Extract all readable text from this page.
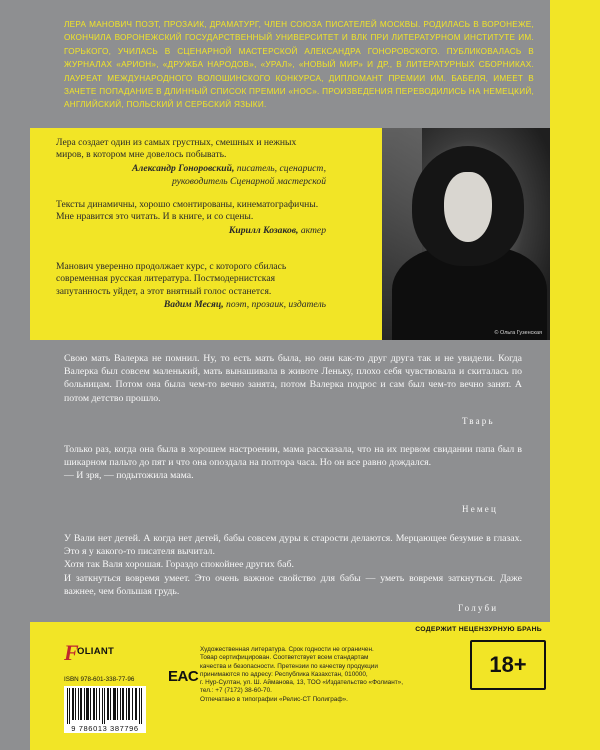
ЛЕРА МАНОВИЧ ПОЭТ, ПРОЗАИК, ДРАМАТУРГ, ЧЛЕН СОЮЗА ПИСАТЕЛЕЙ МОСКВЫ. РОДИЛАСЬ В ВОРОНЕЖЕ, ОКОНЧИЛА ВОРОНЕЖСКИЙ ГОСУДАРСТВЕННЫЙ УНИВЕРСИТЕТ И ВЛК ПРИ ЛИТЕРАТУРНОМ ИНСТИТУТЕ ИМ. ГОРЬКОГО, УЧИЛАСЬ В СЦЕНАРНОЙ МАСТЕРСКОЙ АЛЕКСАНДРА ГОНОРОВСКОГО. ПУБЛИКОВАЛАСЬ В ЖУРНАЛАХ «АРИОН», «ДРУЖБА НАРОДОВ», «УРАЛ», «НОВЫЙ МИР» И ДР., В ЛИТЕРАТУРНЫХ СБОРНИКАХ. ЛАУРЕАТ МЕЖДУНАРОДНОГО ВОЛОШИНСКОГО КОНКУРСА, ДИПЛОМАНТ ПРЕМИИ ИМ. БАБЕЛЯ, ИМЕЕТ В ЗАЧЕТЕ ПОПАДАНИЕ В ДЛИННЫЙ СПИСОК ПРЕМИИ «НОС». ПРОИЗВЕДЕНИЯ ПЕРЕВОДИЛИСЬ НА НЕМЕЦКИЙ, АНГЛИЙСКИЙ, ПОЛЬСКИЙ И СЕРБСКИЙ ЯЗЫКИ.

Лера создает один из самых грустных, смешных и нежных миров, в котором мне довелось побывать.

Александр Гоноровский, писатель, сценарист,
руководитель Сценарной мастерской

Тексты динамичны, хорошо смонтированы, кинематографичны. Мне нравится это читать. И в книге, и со сцены.

Кирилл Козаков, актер

Манович уверенно продолжает курс, с которого сбилась современная русская литература. Постмодернистская запутанность уйдет, а этот внятный голос останется.

Вадим Месяц, поэт, прозаик, издатель
© Ольга Гузенская

Свою мать Валерка не помнил. Ну, то есть мать была, но они как-то друг друга так и не увидели. Когда Валерка был совсем маленький, мать вынашивала в животе Леньку, плохо себя чувствовала и скиталась по больницам. Потом она была чем-то вечно занята, потом Валерка подрос и сам был чем-то вечно занят. А потом детство прошло.

Тварь

Только раз, когда она была в хорошем настроении, мама рассказала, что на их первом свидании папа был в шикарном пальто до пят и что она опоздала на полтора часа. Но он все равно дождался.

— И зря, — подытожила мама.

Немец

У Вали нет детей. А когда нет детей, бабы совсем дуры к старости делаются. Мерцающее безумие в глазах. Это я у какого-то писателя вычитал.

Хотя так Валя хорошая. Гораздо спокойнее других баб.

И заткнуться вовремя умеет. Это очень важное свойство для бабы — уметь вовремя заткнуться. Даже важнее, чем большая грудь.

Голуби
F
OLIANT
ISBN 978-601-338-77-96
9 786013 387796
EAC

Художественная литература. Срок годности не ограничен.

Товар сертифицирован. Соответствует всем стандартам

качества и безопасности. Претензии по качеству продукции

принимаются по адресу: Республика Казахстан, 010000,

г. Нур-Султан, ул. Ш. Айманова, 13, ТОО «Издательство «Фолиант»,

тел.: +7 (7172) 38-60-70.

Отпечатано в типографии «Релис-СТ Полиграф».

СОДЕРЖИТ НЕЦЕНЗУРНУЮ БРАНЬ
18+
